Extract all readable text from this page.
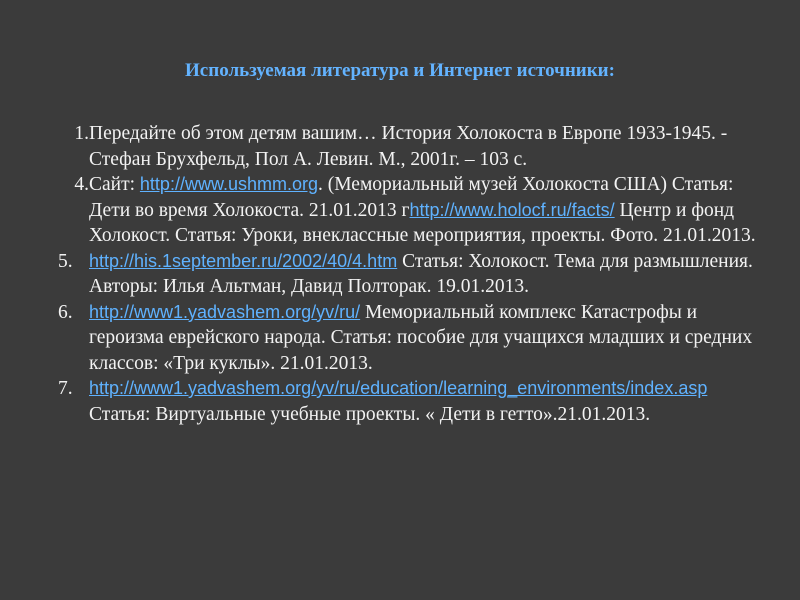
Используемая литература и Интернет источники:
1. Передайте об этом детям вашим… История Холокоста в Европе 1933-1945. - Стефан Брухфельд, Пол А. Левин. М., 2001г. – 103 с.
4. Сайт: http://www.ushmm.org. (Мемориальный музей Холокоста США) Статья: Дети во время Холокоста. 21.01.2013 гhttp://www.holocf.ru/facts/ Центр и фонд Холокост. Статья: Уроки, внеклассные мероприятия, проекты. Фото. 21.01.2013.
5. http://his.1september.ru/2002/40/4.htm Статья: Холокост. Тема для размышления. Авторы: Илья Альтман, Давид Полторак. 19.01.2013.
6. http://www1.yadvashem.org/yv/ru/ Мемориальный комплекс Катастрофы и героизма еврейского народа. Статья: пособие для учащихся младших и средних классов: «Три куклы». 21.01.2013.
7. http://www1.yadvashem.org/yv/ru/education/learning_environments/index.asp Статья: Виртуальные учебные проекты. « Дети в гетто».21.01.2013.
